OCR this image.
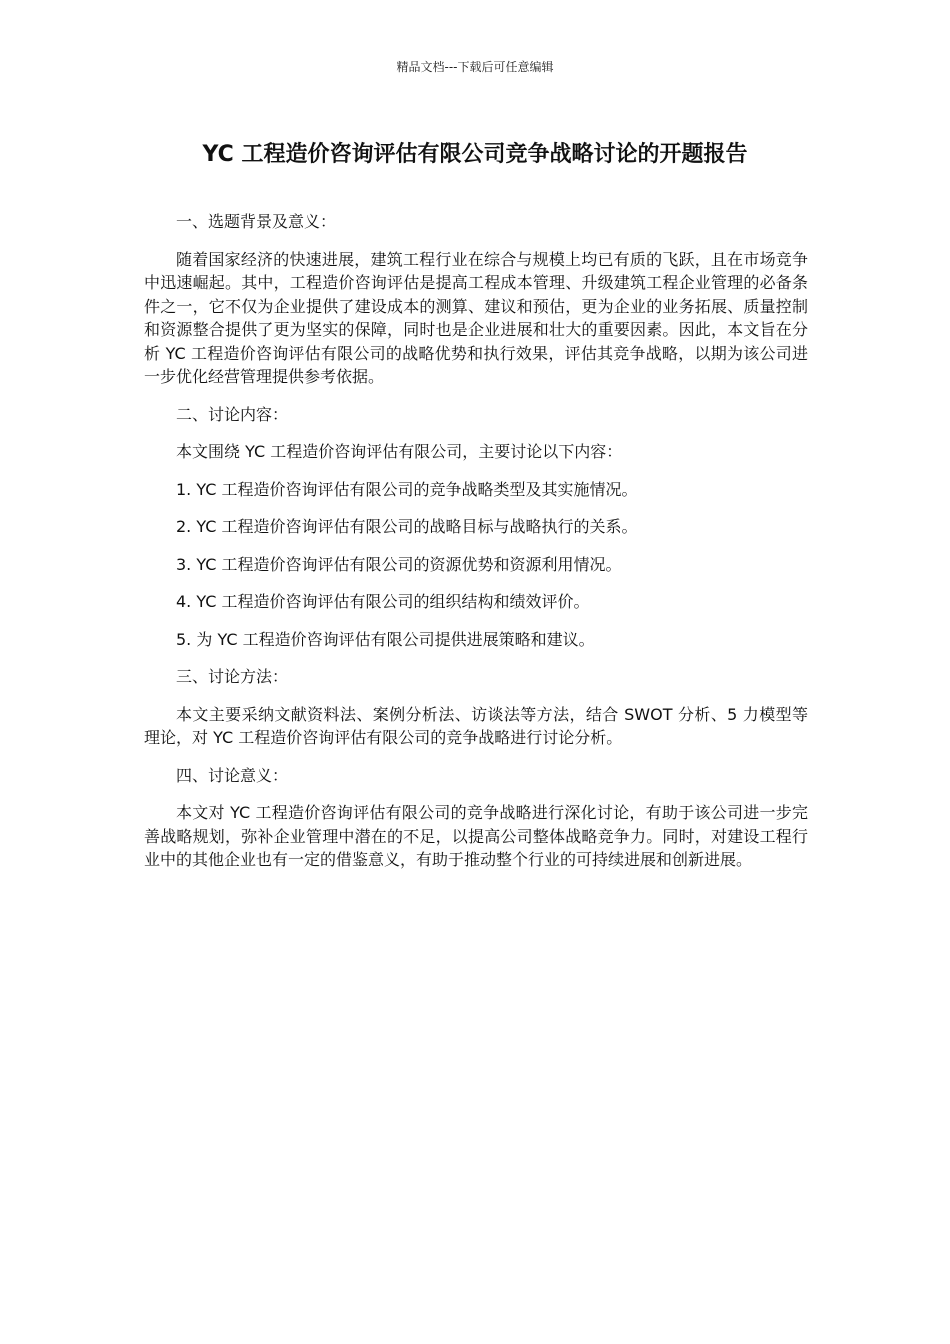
精品文档---下载后可任意编辑
YC 工程造价咨询评估有限公司竞争战略讨论的开题报告

一、选题背景及意义：

随着国家经济的快速进展，建筑工程行业在综合与规模上均已有质的飞跃，且在市场竞争中迅速崛起。其中，工程造价咨询评估是提高工程成本管理、升级建筑工程企业管理的必备条件之一，它不仅为企业提供了建设成本的测算、建议和预估，更为企业的业务拓展、质量控制和资源整合提供了更为坚实的保障，同时也是企业进展和壮大的重要因素。因此，本文旨在分析 YC 工程造价咨询评估有限公司的战略优势和执行效果，评估其竞争战略，以期为该公司进一步优化经营管理提供参考依据。

二、讨论内容：

本文围绕 YC 工程造价咨询评估有限公司，主要讨论以下内容：

1. YC 工程造价咨询评估有限公司的竞争战略类型及其实施情况。

2. YC 工程造价咨询评估有限公司的战略目标与战略执行的关系。

3. YC 工程造价咨询评估有限公司的资源优势和资源利用情况。

4. YC 工程造价咨询评估有限公司的组织结构和绩效评价。

5. 为 YC 工程造价咨询评估有限公司提供进展策略和建议。

三、讨论方法：

本文主要采纳文献资料法、案例分析法、访谈法等方法，结合 SWOT 分析、5 力模型等理论，对 YC 工程造价咨询评估有限公司的竞争战略进行讨论分析。

四、讨论意义：

本文对 YC 工程造价咨询评估有限公司的竞争战略进行深化讨论，有助于该公司进一步完善战略规划，弥补企业管理中潜在的不足，以提高公司整体战略竞争力。同时，对建设工程行业中的其他企业也有一定的借鉴意义，有助于推动整个行业的可持续进展和创新进展。
